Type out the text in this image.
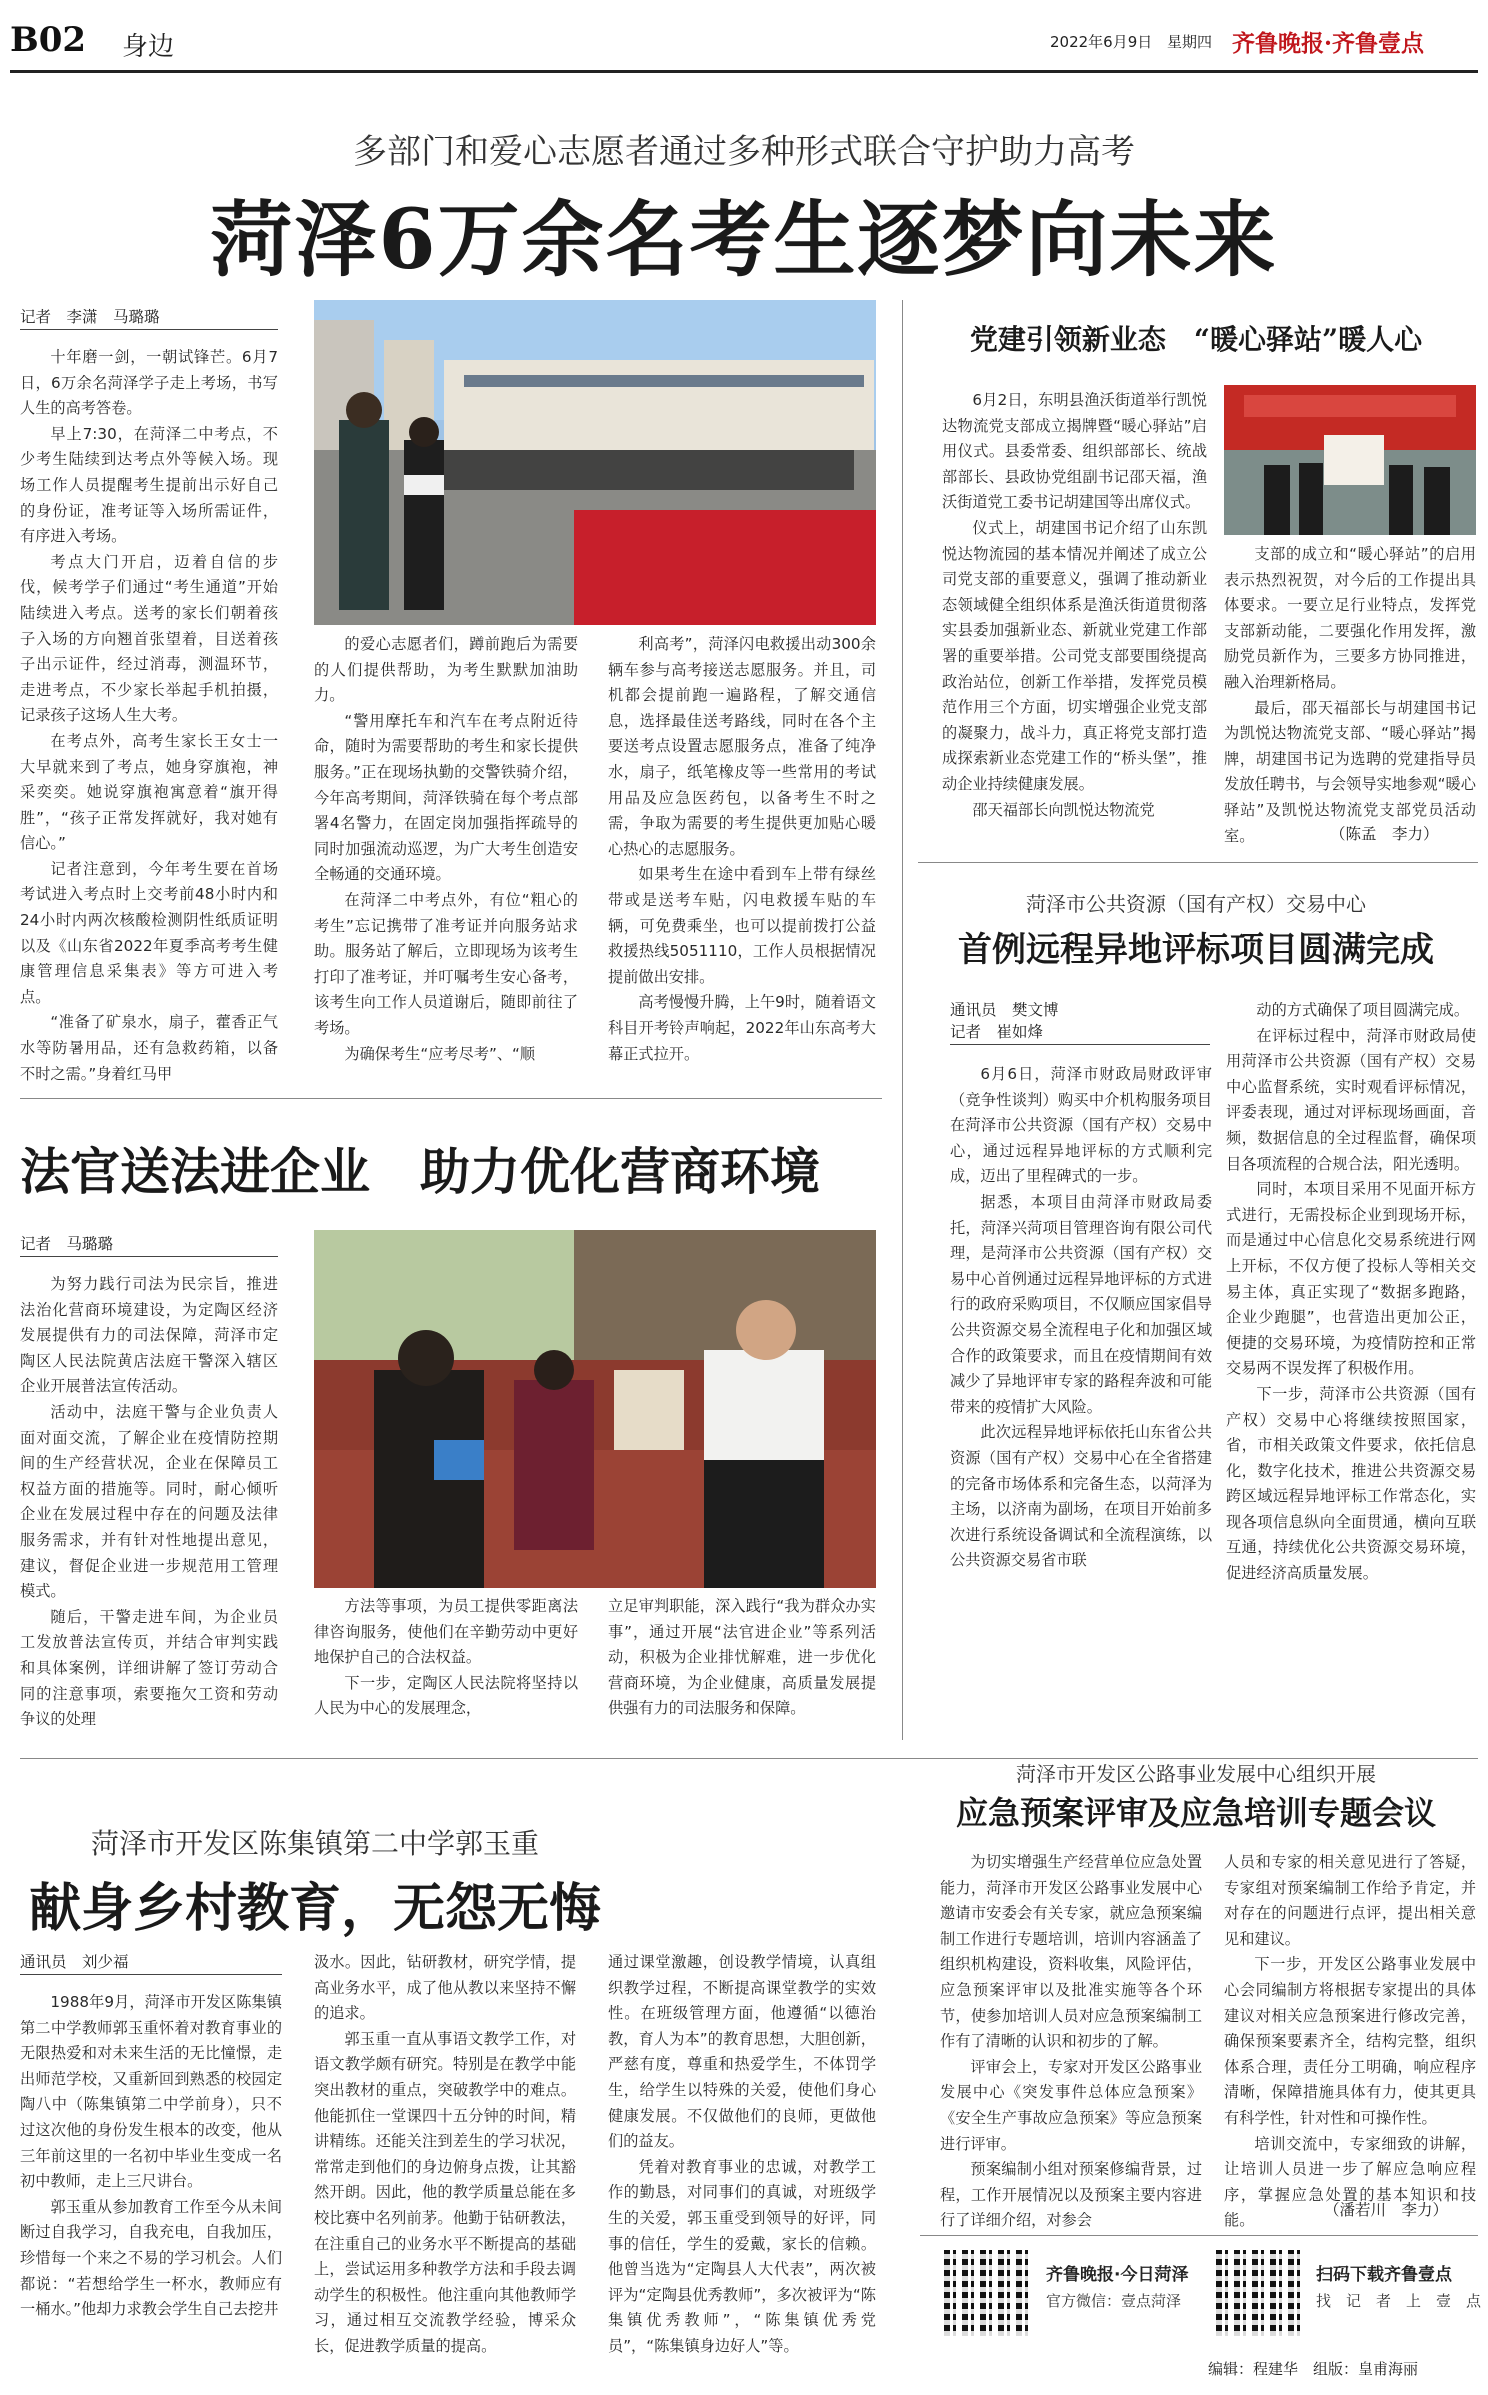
B02 身边	2022年6月9日 星期四 齐鲁晚报·齐鲁壹点
多部门和爱心志愿者通过多种形式联合守护助力高考
菏泽6万余名考生逐梦向未来
记者　李潇　马璐璐

十年磨一剑，一朝试锋芒。6月7日，6万余名菏泽学子走上考场，书写人生的高考答卷。

早上7:30，在菏泽二中考点，不少考生陆续到达考点外等候入场。现场工作人员提醒考生提前出示好自己的身份证，准考证等入场所需证件，有序进入考场。

考点大门开启，迈着自信的步伐，候考学子们通过“考生通道”开始陆续进入考点。送考的家长们朝着孩子入场的方向翘首张望着，目送着孩子出示证件，经过消毒，测温环节，走进考点，不少家长举起手机拍摄，记录孩子这场人生大考。

在考点外，高考生家长王女士一大早就来到了考点，她身穿旗袍，神采奕奕。她说穿旗袍寓意着“旗开得胜”，“孩子正常发挥就好，我对她有信心。”

记者注意到，今年考生要在首场考试进入考点时上交考前48小时内和24小时内两次核酸检测阴性纸质证明以及《山东省2022年夏季高考考生健康管理信息采集表》等方可进入考点。

“准备了矿泉水，扇子，藿香正气水等防暑用品，还有急救药箱，以备不时之需。”身着红马甲

的爱心志愿者们，蹲前跑后为需要的人们提供帮助，为考生默默加油助力。

“警用摩托车和汽车在考点附近待命，随时为需要帮助的考生和家长提供服务。”正在现场执勤的交警铁骑介绍，今年高考期间，菏泽铁骑在每个考点部署4名警力，在固定岗加强指挥疏导的同时加强流动巡逻，为广大考生创造安全畅通的交通环境。

在菏泽二中考点外，有位“粗心的考生”忘记携带了准考证并向服务站求助。服务站了解后，立即现场为该考生打印了准考证，并叮嘱考生安心备考，该考生向工作人员道谢后，随即前往了考场。

为确保考生“应考尽考”、“顺

利高考”，菏泽闪电救援出动300余辆车参与高考接送志愿服务。并且，司机都会提前跑一遍路程，了解交通信息，选择最佳送考路线，同时在各个主要送考点设置志愿服务点，准备了纯净水，扇子，纸笔橡皮等一些常用的考试用品及应急医药包，以备考生不时之需，争取为需要的考生提供更加贴心暖心热心的志愿服务。

如果考生在途中看到车上带有绿丝带或是送考车贴，闪电救援车贴的车辆，可免费乘坐，也可以提前拨打公益救援热线5051110，工作人员根据情况提前做出安排。

高考慢慢升腾，上午9时，随着语文科目开考铃声响起，2022年山东高考大幕正式拉开。

党建引领新业态　“暖心驿站”暖人心

6月2日，东明县渔沃街道举行凯悦达物流党支部成立揭牌暨“暖心驿站”启用仪式。县委常委、组织部部长、统战部部长、县政协党组副书记邵天福，渔沃街道党工委书记胡建国等出席仪式。

仪式上，胡建国书记介绍了山东凯悦达物流园的基本情况并阐述了成立公司党支部的重要意义，强调了推动新业态领域健全组织体系是渔沃街道贯彻落实县委加强新业态、新就业党建工作部署的重要举措。公司党支部要围绕提高政治站位，创新工作举措，发挥党员模范作用三个方面，切实增强企业党支部的凝聚力，战斗力，真正将党支部打造成探索新业态党建工作的“桥头堡”，推动企业持续健康发展。

邵天福部长向凯悦达物流党

支部的成立和“暖心驿站”的启用表示热烈祝贺，对今后的工作提出具体要求。一要立足行业特点，发挥党支部新动能，二要强化作用发挥，激励党员新作为，三要多方协同推进，融入治理新格局。

最后，邵天福部长与胡建国书记为凯悦达物流党支部、“暖心驿站”揭牌，胡建国书记为选聘的党建指导员发放任聘书，与会领导实地参观“暖心驿站”及凯悦达物流党支部党员活动室。	（陈孟　李力）
菏泽市公共资源（国有产权）交易中心
首例远程异地评标项目圆满完成
通讯员　樊文博
记者　崔如烽

6月6日，菏泽市财政局财政评审（竞争性谈判）购买中介机构服务项目在菏泽市公共资源（国有产权）交易中心，通过远程异地评标的方式顺利完成，迈出了里程碑式的一步。

据悉，本项目由菏泽市财政局委托，菏泽兴菏项目管理咨询有限公司代理，是菏泽市公共资源（国有产权）交易中心首例通过远程异地评标的方式进行的政府采购项目，不仅顺应国家倡导公共资源交易全流程电子化和加强区域合作的政策要求，而且在疫情期间有效减少了异地评审专家的路程奔波和可能带来的疫情扩大风险。

此次远程异地评标依托山东省公共资源（国有产权）交易中心在全省搭建的完备市场体系和完备生态，以菏泽为主场，以济南为副场，在项目开始前多次进行系统设备调试和全流程演练，以公共资源交易省市联

动的方式确保了项目圆满完成。

在评标过程中，菏泽市财政局使用菏泽市公共资源（国有产权）交易中心监督系统，实时观看评标情况，评委表现，通过对评标现场画面，音频，数据信息的全过程监督，确保项目各项流程的合规合法，阳光透明。

同时，本项目采用不见面开标方式进行，无需投标企业到现场开标，而是通过中心信息化交易系统进行网上开标，不仅方便了投标人等相关交易主体，真正实现了“数据多跑路，企业少跑腿”，也营造出更加公正，便捷的交易环境，为疫情防控和正常交易两不误发挥了积极作用。

下一步，菏泽市公共资源（国有产权）交易中心将继续按照国家，省，市相关政策文件要求，依托信息化，数字化技术，推进公共资源交易跨区域远程异地评标工作常态化，实现各项信息纵向全面贯通，横向互联互通，持续优化公共资源交易环境，促进经济高质量发展。

法官送法进企业　助力优化营商环境
记者　马璐璐

为努力践行司法为民宗旨，推进法治化营商环境建设，为定陶区经济发展提供有力的司法保障，菏泽市定陶区人民法院黄店法庭干警深入辖区企业开展普法宣传活动。

活动中，法庭干警与企业负责人面对面交流，了解企业在疫情防控期间的生产经营状况，企业在保障员工权益方面的措施等。同时，耐心倾听企业在发展过程中存在的问题及法律服务需求，并有针对性地提出意见，建议，督促企业进一步规范用工管理模式。

随后，干警走进车间，为企业员工发放普法宣传页，并结合审判实践和具体案例，详细讲解了签订劳动合同的注意事项，索要拖欠工资和劳动争议的处理

方法等事项，为员工提供零距离法律咨询服务，使他们在辛勤劳动中更好地保护自己的合法权益。

下一步，定陶区人民法院将坚持以人民为中心的发展理念，

立足审判职能，深入践行“我为群众办实事”，通过开展“法官进企业”等系列活动，积极为企业排忧解难，进一步优化营商环境，为企业健康，高质量发展提供强有力的司法服务和保障。

菏泽市开发区陈集镇第二中学郭玉重
献身乡村教育，无怨无悔
通讯员　刘少福

1988年9月，菏泽市开发区陈集镇第二中学教师郭玉重怀着对教育事业的无限热爱和对未来生活的无比憧憬，走出师范学校，又重新回到熟悉的校园定陶八中（陈集镇第二中学前身），只不过这次他的身份发生根本的改变，他从三年前这里的一名初中毕业生变成一名初中教师，走上三尺讲台。

郭玉重从参加教育工作至今从未间断过自我学习，自我充电，自我加压，珍惜每一个来之不易的学习机会。人们都说：“若想给学生一杯水，教师应有一桶水。”他却力求教会学生自己去挖井

汲水。因此，钻研教材，研究学情，提高业务水平，成了他从教以来坚持不懈的追求。

郭玉重一直从事语文教学工作，对语文教学颇有研究。特别是在教学中能突出教材的重点，突破教学中的难点。他能抓住一堂课四十五分钟的时间，精讲精练。还能关注到差生的学习状况，常常走到他们的身边俯身点拨，让其豁然开朗。因此，他的教学质量总能在多校比赛中名列前茅。他勤于钻研教法，在注重自己的业务水平不断提高的基础上，尝试运用多种教学方法和手段去调动学生的积极性。他注重向其他教师学习，通过相互交流教学经验，博采众长，促进教学质量的提高。

通过课堂激趣，创设教学情境，认真组织教学过程，不断提高课堂教学的实效性。在班级管理方面，他遵循“以德治教，育人为本”的教育思想，大胆创新，严慈有度，尊重和热爱学生，不体罚学生，给学生以特殊的关爱，使他们身心健康发展。不仅做他们的良师，更做他们的益友。

凭着对教育事业的忠诚，对教学工作的勤恳，对同事们的真诚，对班级学生的关爱，郭玉重受到领导的好评，同事的信任，学生的爱戴，家长的信赖。他曾当选为“定陶县人大代表”，两次被评为“定陶县优秀教师”，多次被评为“陈集镇优秀教师”，“陈集镇优秀党员”，“陈集镇身边好人”等。

菏泽市开发区公路事业发展中心组织开展
应急预案评审及应急培训专题会议

为切实增强生产经营单位应急处置能力，菏泽市开发区公路事业发展中心邀请市安委会有关专家，就应急预案编制工作进行专题培训，培训内容涵盖了组织机构建设，资料收集，风险评估，应急预案评审以及批准实施等各个环节，使参加培训人员对应急预案编制工作有了清晰的认识和初步的了解。

评审会上，专家对开发区公路事业发展中心《突发事件总体应急预案》《安全生产事故应急预案》等应急预案进行评审。

预案编制小组对预案修编背景，过程，工作开展情况以及预案主要内容进行了详细介绍，对参会

人员和专家的相关意见进行了答疑，专家组对预案编制工作给予肯定，并对存在的问题进行点评，提出相关意见和建议。

下一步，开发区公路事业发展中心会同编制方将根据专家提出的具体建议对相关应急预案进行修改完善，确保预案要素齐全，结构完整，组织体系合理，责任分工明确，响应程序清晰，保障措施具体有力，使其更具有科学性，针对性和可操作性。

培训交流中，专家细致的讲解，让培训人员进一步了解应急响应程序，掌握应急处置的基本知识和技能。

（潘若川　李力）
齐鲁晚报·今日菏泽
官方微信：壹点菏泽
扫码下载齐鲁壹点
找　记　者　上　壹　点
编辑：程建华　组版：皇甫海丽
